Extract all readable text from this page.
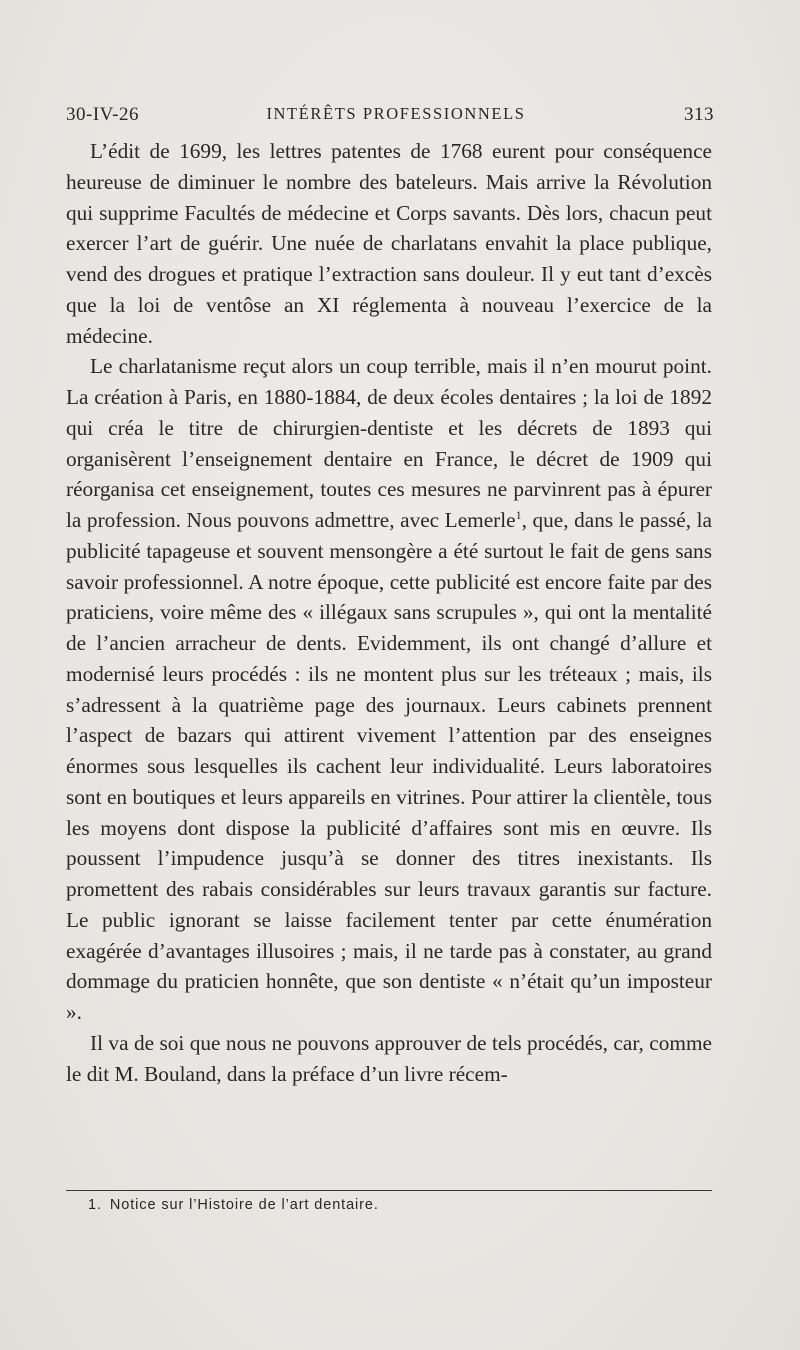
30-IV-26	INTÉRÊTS PROFESSIONNELS	313

L’édit de 1699, les lettres patentes de 1768 eurent pour conséquence heureuse de diminuer le nombre des bateleurs. Mais arrive la Révolution qui supprime Facultés de médecine et Corps savants. Dès lors, chacun peut exercer l’art de guérir. Une nuée de charlatans envahit la place publique, vend des drogues et pratique l’extraction sans douleur. Il y eut tant d’excès que la loi de ventôse an XI réglementa à nouveau l’exercice de la médecine.

Le charlatanisme reçut alors un coup terrible, mais il n’en mourut point. La création à Paris, en 1880-1884, de deux écoles dentaires ; la loi de 1892 qui créa le titre de chirurgien-dentiste et les décrets de 1893 qui organisèrent l’enseignement dentaire en France, le décret de 1909 qui réorganisa cet enseignement, toutes ces mesures ne parvinrent pas à épurer la profession. Nous pouvons admettre, avec Lemerle$^1$, que, dans le passé, la publicité tapageuse et souvent mensongère a été surtout le fait de gens sans savoir professionnel. A notre époque, cette publicité est encore faite par des praticiens, voire même des « illégaux sans scrupules », qui ont la mentalité de l’ancien arracheur de dents. Evidemment, ils ont changé d’allure et modernisé leurs procédés : ils ne montent plus sur les tréteaux ; mais, ils s’adressent à la quatrième page des journaux. Leurs cabinets prennent l’aspect de bazars qui attirent vivement l’attention par des enseignes énormes sous lesquelles ils cachent leur individualité. Leurs laboratoires sont en boutiques et leurs appareils en vitrines. Pour attirer la clientèle, tous les moyens dont dispose la publicité d’affaires sont mis en œuvre. Ils poussent l’impudence jusqu’à se donner des titres inexistants. Ils promettent des rabais considérables sur leurs travaux garantis sur facture. Le public ignorant se laisse facilement tenter par cette énumération exagérée d’avantages illusoires ; mais, il ne tarde pas à constater, au grand dommage du praticien honnête, que son dentiste « n’était qu’un imposteur ».

Il va de soi que nous ne pouvons approuver de tels procédés, car, comme le dit M. Bouland, dans la préface d’un livre récem-

1. Notice sur l’Histoire de l’art dentaire.
